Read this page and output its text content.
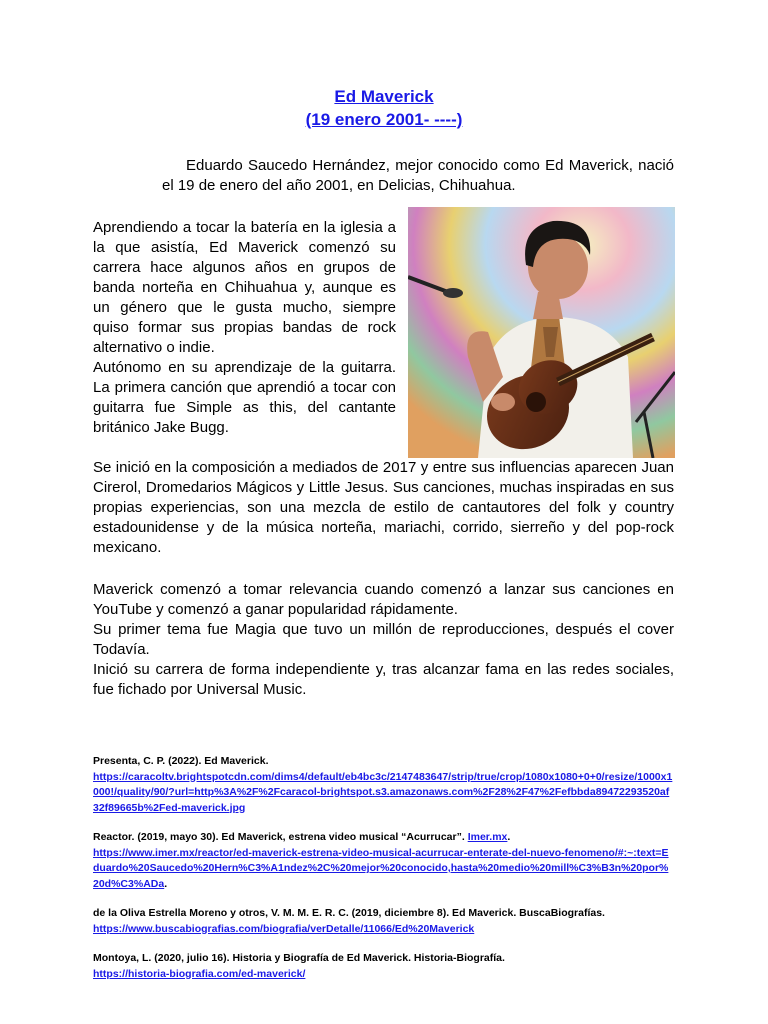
Ed Maverick
(19 enero 2001- ----)
Eduardo Saucedo Hernández, mejor conocido como Ed Maverick, nació el 19 de enero del año 2001, en Delicias, Chihuahua.

Aprendiendo a tocar la batería en la iglesia a la que asistía, Ed Maverick comenzó su carrera hace algunos años en grupos de banda norteña en Chihuahua y, aunque es un género que le gusta mucho, siempre quiso formar sus propias bandas de rock alternativo o indie.

Autónomo en su aprendizaje de la guitarra. La primera canción que aprendió a tocar con guitarra fue Simple as this, del cantante británico Jake Bugg.

Se inició en la composición a mediados de 2017 y entre sus influencias aparecen Juan Cirerol, Dromedarios Mágicos y Little Jesus. Sus canciones, muchas inspiradas en sus propias experiencias, son una mezcla de estilo de cantautores del folk y country estadounidense y de la música norteña, mariachi, corrido, sierreño y del pop-rock mexicano.

Maverick comenzó a tomar relevancia cuando comenzó a lanzar sus canciones en YouTube y comenzó a ganar popularidad rápidamente.

Su primer tema fue Magia que tuvo un millón de reproducciones, después el cover Todavía.

Inició su carrera de forma independiente y, tras alcanzar fama en las redes sociales, fue fichado por Universal Music.

Presenta, C. P. (2022). Ed Maverick.
https://caracoltv.brightspotcdn.com/dims4/default/eb4bc3c/2147483647/strip/true/crop/1080x1080+0+0/resize/1000x1000!/quality/90/?url=http%3A%2F%2Fcaracol-brightspot.s3.amazonaws.com%2F28%2F47%2Fefbbda89472293520af32f89665b%2Fed-maverick.jpg
Reactor. (2019, mayo 30). Ed Maverick, estrena video musical “Acurrucar”. Imer.mx.
https://www.imer.mx/reactor/ed-maverick-estrena-video-musical-acurrucar-enterate-del-nuevo-fenomeno/#:~:text=Eduardo%20Saucedo%20Hern%C3%A1ndez%2C%20mejor%20conocido,hasta%20medio%20mill%C3%B3n%20por%20d%C3%ADa.
de la Oliva Estrella Moreno y otros, V. M. M. E. R. C. (2019, diciembre 8). Ed Maverick. BuscaBiografías.
https://www.buscabiografias.com/biografia/verDetalle/11066/Ed%20Maverick
Montoya, L. (2020, julio 16). Historia y Biografía de Ed Maverick. Historia-Biografía.
https://historia-biografia.com/ed-maverick/
